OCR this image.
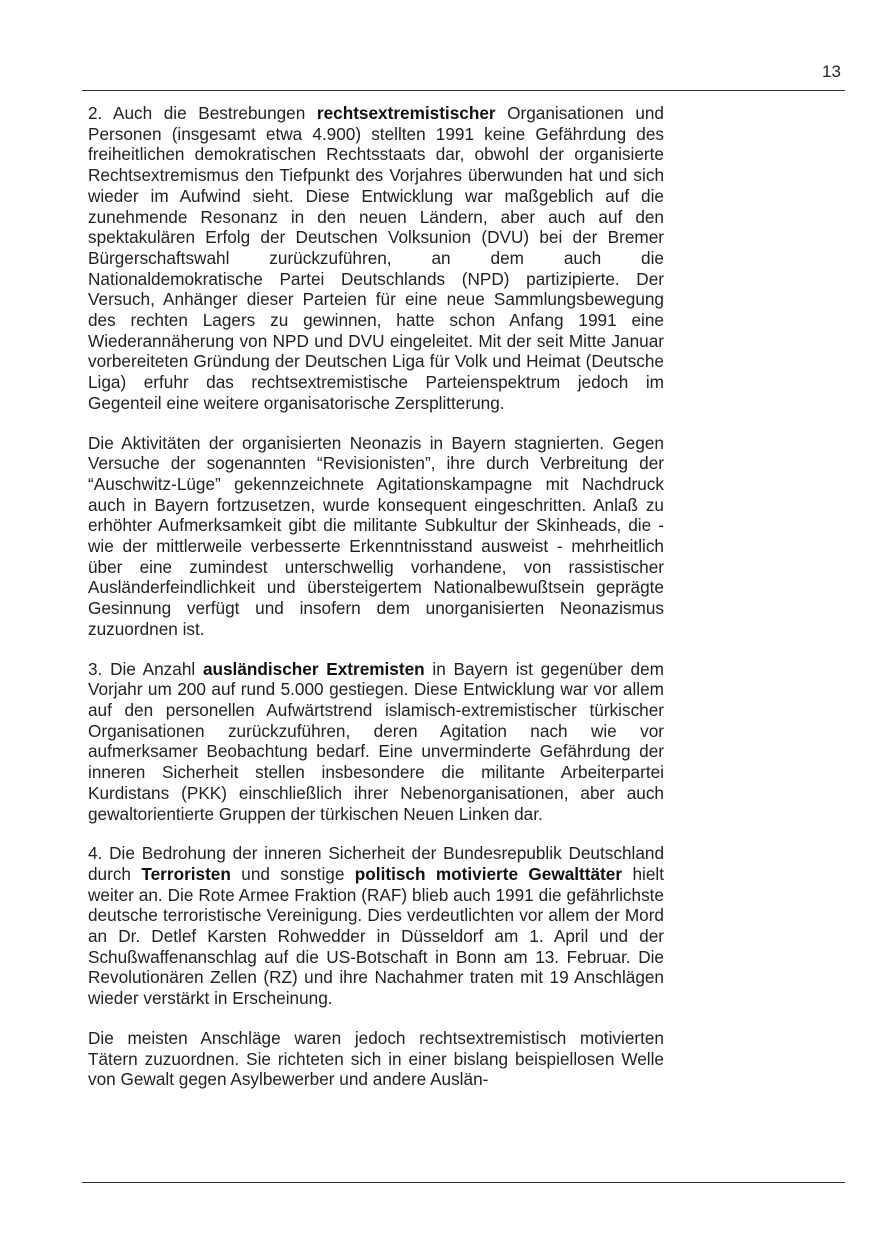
13

2. Auch die Bestrebungen rechtsextremistischer Organisationen und Personen (insgesamt etwa 4.900) stellten 1991 keine Gefährdung des freiheitlichen demokratischen Rechtsstaats dar, obwohl der organisierte Rechtsextremismus den Tiefpunkt des Vorjahres überwunden hat und sich wieder im Aufwind sieht. Diese Entwicklung war maßgeblich auf die zunehmende Resonanz in den neuen Ländern, aber auch auf den spektakulären Erfolg der Deutschen Volksunion (DVU) bei der Bremer Bürgerschaftswahl zurückzuführen, an dem auch die Nationaldemokratische Partei Deutschlands (NPD) partizipierte. Der Versuch, Anhänger dieser Parteien für eine neue Sammlungsbewegung des rechten Lagers zu gewinnen, hatte schon Anfang 1991 eine Wiederannäherung von NPD und DVU eingeleitet. Mit der seit Mitte Januar vorbereiteten Gründung der Deutschen Liga für Volk und Heimat (Deutsche Liga) erfuhr das rechtsextremistische Parteienspektrum jedoch im Gegenteil eine weitere organisatorische Zersplitterung.

Die Aktivitäten der organisierten Neonazis in Bayern stagnierten. Gegen Versuche der sogenannten “Revisionisten”, ihre durch Verbreitung der “Auschwitz-Lüge” gekennzeichnete Agitationskampagne mit Nachdruck auch in Bayern fortzusetzen, wurde konsequent eingeschritten. Anlaß zu erhöhter Aufmerksamkeit gibt die militante Subkultur der Skinheads, die - wie der mittlerweile verbesserte Erkenntnisstand ausweist - mehrheitlich über eine zumindest unterschwellig vorhandene, von rassistischer Ausländerfeindlichkeit und übersteigertem Nationalbewußtsein geprägte Gesinnung verfügt und insofern dem unorganisierten Neonazismus zuzuordnen ist.

3. Die Anzahl ausländischer Extremisten in Bayern ist gegenüber dem Vorjahr um 200 auf rund 5.000 gestiegen. Diese Entwicklung war vor allem auf den personellen Aufwärtstrend islamisch-extremistischer türkischer Organisationen zurückzuführen, deren Agitation nach wie vor aufmerksamer Beobachtung bedarf. Eine unverminderte Gefährdung der inneren Sicherheit stellen insbesondere die militante Arbeiterpartei Kurdistans (PKK) einschließlich ihrer Nebenorganisationen, aber auch gewaltorientierte Gruppen der türkischen Neuen Linken dar.

4. Die Bedrohung der inneren Sicherheit der Bundesrepublik Deutschland durch Terroristen und sonstige politisch motivierte Gewalttäter hielt weiter an. Die Rote Armee Fraktion (RAF) blieb auch 1991 die gefährlichste deutsche terroristische Vereinigung. Dies verdeutlichten vor allem der Mord an Dr. Detlef Karsten Rohwedder in Düsseldorf am 1. April und der Schußwaffenanschlag auf die US-Botschaft in Bonn am 13. Februar. Die Revolutionären Zellen (RZ) und ihre Nachahmer traten mit 19 Anschlägen wieder verstärkt in Erscheinung.

Die meisten Anschläge waren jedoch rechtsextremistisch motivierten Tätern zuzuordnen. Sie richteten sich in einer bislang beispiellosen Welle von Gewalt gegen Asylbewerber und andere Auslän-
